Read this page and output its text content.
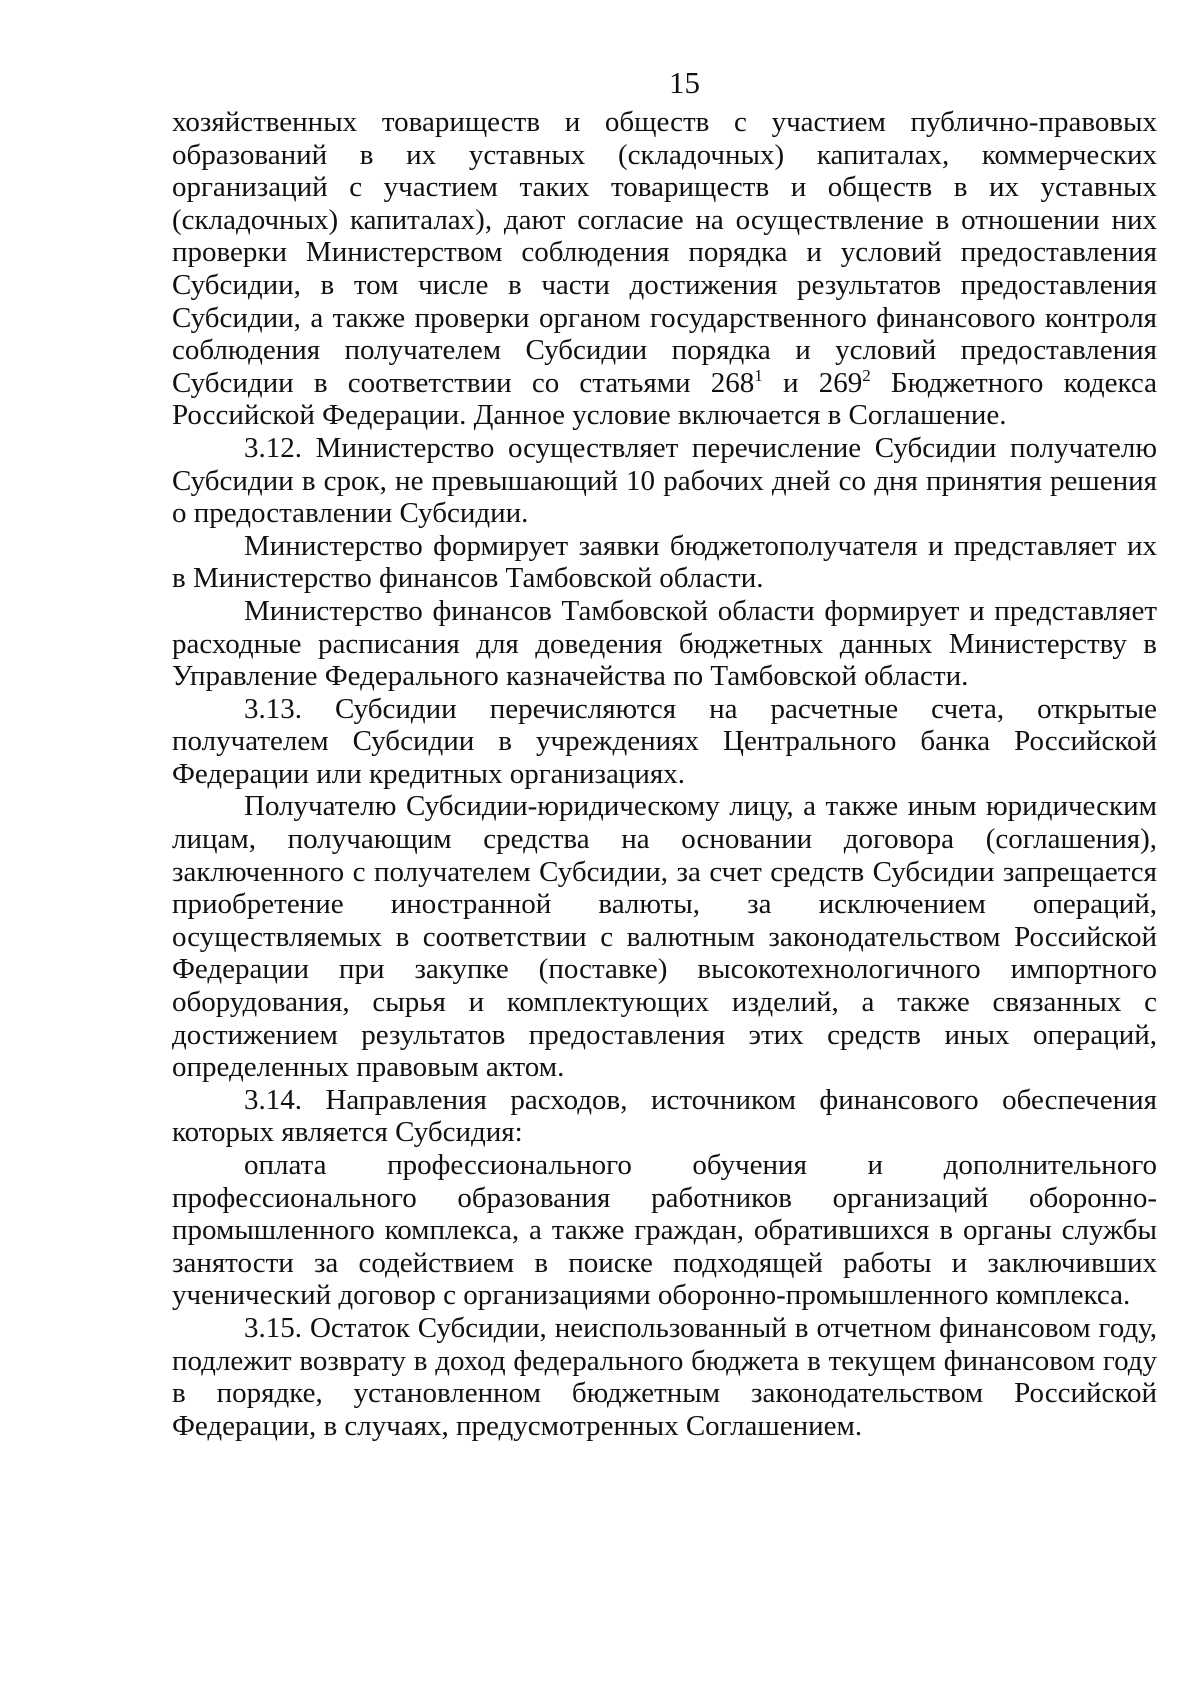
15

хозяйственных товариществ и обществ с участием публично-правовых образований в их уставных (складочных) капиталах, коммерческих организаций с участием таких товариществ и обществ в их уставных (складочных) капиталах), дают согласие на осуществление в отношении них проверки Министерством соблюдения порядка и условий предоставления Субсидии, в том числе в части достижения результатов предоставления Субсидии, а также проверки органом государственного финансового контроля соблюдения получателем Субсидии порядка и условий предоставления Субсидии в соответствии со статьями $268^1$ и $269^2$ Бюджетного кодекса Российской Федерации. Данное условие включается в Соглашение.

3.12. Министерство осуществляет перечисление Субсидии получателю Субсидии в срок, не превышающий 10 рабочих дней со дня принятия решения о предоставлении Субсидии.

Министерство формирует заявки бюджетополучателя и представляет их в Министерство финансов Тамбовской области.

Министерство финансов Тамбовской области формирует и представляет расходные расписания для доведения бюджетных данных Министерству в Управление Федерального казначейства по Тамбовской области.

3.13. Субсидии перечисляются на расчетные счета, открытые получателем Субсидии в учреждениях Центрального банка Российской Федерации или кредитных организациях.

Получателю Субсидии-юридическому лицу, а также иным юридическим лицам, получающим средства на основании договора (соглашения), заключенного с получателем Субсидии, за счет средств Субсидии запрещается приобретение иностранной валюты, за исключением операций, осуществляемых в соответствии с валютным законодательством Российской Федерации при закупке (поставке) высокотехнологичного импортного оборудования, сырья и комплектующих изделий, а также связанных с достижением результатов предоставления этих средств иных операций, определенных правовым актом.

3.14. Направления расходов, источником финансового обеспечения которых является Субсидия:

оплата профессионального обучения и дополнительного профессионального образования работников организаций оборонно-промышленного комплекса, а также граждан, обратившихся в органы службы занятости за содействием в поиске подходящей работы и заключивших ученический договор с организациями оборонно-промышленного комплекса.

3.15. Остаток Субсидии, неиспользованный в отчетном финансовом году, подлежит возврату в доход федерального бюджета в текущем финансовом году в порядке, установленном бюджетным законодательством Российской Федерации, в случаях, предусмотренных Соглашением.
